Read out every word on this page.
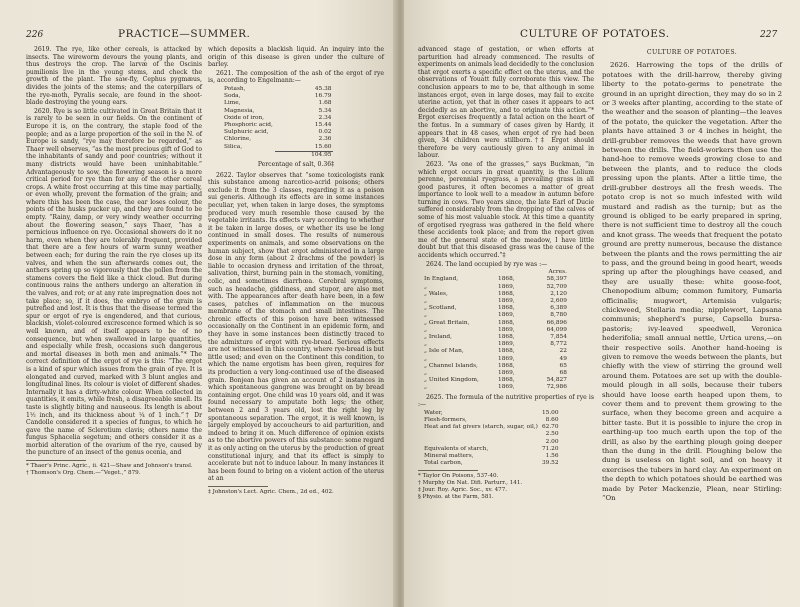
226	PRACTICE—SUMMER.

2619. The rye, like other cereals, is attacked by insects. The wireworm devours the young plants, and thus destroys the crop. The larvæ of the Oscinis pumilionis live in the young stems, and check the growth of the plant. The saw-fly, Cephus pygmæus, divides the joints of the stems; and the caterpillars of the rye-moth, Pyralis secale, are found in the shoot-blade destroying the young ears.

2620. Rye is so little cultivated in Great Britain that it is rarely to be seen in our fields. On the continent of Europe it is, on the contrary, the staple food of the people; and as a large proportion of the soil in the N. of Europe is sandy, “rye may therefore be regarded,” as Thaer well observes, “as the most precious gift of God to the inhabitants of sandy and poor countries; without it many districts would have been uninhabitable.” Advantageously to sow, the flowering season is a more critical period for rye than for any of the other cereal crops. A white frost occurring at this time may partially, or even wholly, prevent the formation of the grain; and where this has been the case, the ear loses colour, the points of the husks pucker up, and they are found to be empty. “Rainy, damp, or very windy weather occurring about the flowering season,” says Thaer, “has a pernicious influence on rye. Occasional showers do it no harm, even when they are tolerably frequent, provided that there are a few hours of warm sunny weather between each; for during the rain the rye closes up its valves, and when the sun afterwards comes out, the anthers spring up so vigorously that the pollen from the stamens covers the field like a thick cloud. But during continuous rains the anthers undergo an alteration in the valves, and rot; or at any rate impregnation does not take place; so, if it does, the embryo of the grain is putrefied and lost. It is thus that the disease termed the spur or ergot of rye is engendered, and that curious, blackish, violet-coloured excrescence formed which is so well known, and of itself appears to be of no consequence, but when swallowed in large quantities, and especially while fresh, occasions such dangerous and mortal diseases in both men and animals.”* The correct definition of the ergot of rye is this: “The ergot is a kind of spur which issues from the grain of rye. It is elongated and curved, marked with 3 blunt angles and longitudinal lines. Its colour is violet of different shades. Internally it has a dirty-white colour. When collected in quantities, it emits, while fresh, a disagreeable smell. Its taste is slightly biting and nauseous. Its length is about 1½ inch, and its thickness about ¼ of 1 inch.”† Dr Candolle considered it a species of fungus, to which he gave the name of Sclerotium clavis; others name the fungus Sphacelia segetum; and others consider it as a morbid alteration of the ovarium of the rye, caused by the puncture of an insect of the genus ocenia, and

* Thaer's Princ. Agric., ii. 421—Shaw and Johnson's transl.
† Thomson's Org. Chem.—“Veget.,” 879.

which deposits a blackish liquid. An inquiry into the origin of this disease is given under the culture of barley.

2621. The composition of the ash of the ergot of rye is, according to Engelmann:—

Potash,	45.38
Soda,	16.79
Lime,	1.68
Magnesia,	5.34
Oxide of iron,	2.34
Phosphoric acid,	15.44
Sulphuric acid,	0.02
Chlorine,	2.36
Silica,	15.60
	104.95
Percentage of salt, 0.36‡

2622. Taylor observes that “some toxicologists rank this substance among narcotico-acrid poisons; others exclude it from the 3 classes, regarding it as a poison sui generis. Although its effects are in some instances peculiar, yet, when taken in large doses, the symptoms produced very much resemble those caused by the vegetable irritants. Its effects vary according to whether it be taken in large doses, or whether its use be long continued in small doses. The results of numerous experiments on animals, and some observations on the human subject, show that ergot administered in a large dose in any form (about 2 drachms of the powder) is liable to occasion dryness and irritation of the throat, salivation, thirst, burning pain in the stomach, vomiting, colic, and sometimes diarrhœa. Cerebral symptoms, such as headache, giddiness, and stupor, are also met with. The appearances after death have been, in a few cases, patches of inflammation on the mucous membrane of the stomach and small intestines. The chronic effects of this poison have been witnessed occasionally on the Continent in an epidemic form, and they have in some instances been distinctly traced to the admixture of ergot with rye-bread. Serious effects are not witnessed in this country, where rye-bread is but little used; and even on the Continent this condition, to which the name ergotism has been given, requires for its production a very long-continued use of the diseased grain. Bonjean has given an account of 2 instances in which spontaneous gangrene was brought on by bread containing ergot. One child was 10 years old, and it was found necessary to amputate both legs; the other, between 2 and 3 years old, lost the right leg by spontaneous separation. The ergot, it is well known, is largely employed by accoucheurs to aid parturition, and indeed to bring it on. Much difference of opinion exists as to the abortive powers of this substance: some regard it as only acting on the uterus by the production of great constitutional injury, and that its effect is simply to accelerate but not to induce labour. In many instances it has been found to bring on a violent action of the uterus at an

‡ Johnston's Lect. Agric. Chem., 2d ed., 402.
CULTURE OF POTATOES.	227

advanced stage of gestation, or when efforts at parturition had already commenced. The results of experiments on animals lead decidedly to the conclusion that ergot exerts a specific effect on the uterus, and the observations of Youatt fully corroborate this view. The conclusion appears to me to be, that although in some instances ergot, even in large doses, may fail to excite uterine action, yet that in other cases it appears to act decidedly as an abortive, and to originate this action.”* Ergot exercises frequently a fatal action on the heart of the fœtus. In a summary of cases given by Hardy, it appears that in 48 cases, when ergot of rye had been given, 34 children were stillborn.†‡ Ergot should therefore be very cautiously given to any animal in labour.

2623. “As one of the grasses,” says Buckman, “in which ergot occurs in great quantity, is the Lolium perenne, perennial ryegrass, a prevailing grass in all good pastures, it often becomes a matter of great importance to look well to a meadow in autumn before turning in cows. Two years since, the late Earl of Ducie suffered considerably from the dropping of the calves of some of his most valuable stock. At this time a quantity of ergotised ryegrass was gathered in the field where these accidents took place; and from the report given me of the general state of the meadow, I have little doubt but that this diseased grass was the cause of the accidents which occurred.”‡

2624. The land occupied by rye was :—

		Acres.
In England,	1868,	58,397
„	1869,	52,709
„ Wales,	1868,	2,120
„	1869,	2,609
„ Scotland,	1868,	6,389
„	1869,	8,780
„ Great Britain,	1868,	66,896
„	1869,	64,099
„ Ireland,	1868,	7,854
„	1869,	8,772
„ Isle of Man,	1868,	22
„	1869,	49
„ Channel Islands,	1868,	65
„	1869,	68
„ United Kingdom,	1868,	54,827
„	1869,	72,986

2625. The formula of the nutritive properties of rye is :—

Water,	15.00
Flesh-formers,	8.60
Heat and fat givers (starch, sugar, oil,)	62.70
	2.50
	2.00
Equivalents of starch,	71.20
Mineral matters,	1.56
Total carbon,	39.52
* Taylor On Poisons, 537-40.
† Murphy On Nat. Difi. Parturr., 141.
‡ Jour. Roy. Agric. Soc., xv. 477.
§ Physio. at the Farm, 581.
CULTURE OF POTATOES.

2626. Harrowing the tops of the drills of potatoes with the drill-harrow, thereby giving liberty to the potato-germs to penetrate the ground in an upright direction, they may do so in 2 or 3 weeks after planting, according to the state of the weather and the season of planting—the leaves of the potato, the quicker the vegetation. After the plants have attained 3 or 4 inches in height, the drill-grubber removes the weeds that have grown between the drills. The field-workers then use the hand-hoe to remove weeds growing close to and between the plants, and to reduce the clods pressing upon the plants. After a little time, the drill-grubber destroys all the fresh weeds. The potato crop is not so much infested with wild mustard and radish as the turnip; but as the ground is obliged to be early prepared in spring, there is not sufficient time to destroy all the couch and knot grass. The weeds that frequent the potato ground are pretty numerous, because the distance between the plants and the rows permitting the air to pass, and the ground being in good heart, weeds spring up after the ploughings have ceased, and they are usually these: white goose-foot, Chenopodium album; common fumitory, Fumaria officinalis; mugwort, Artemisia vulgaris; chickweed, Stellaria media; nipplewort, Lapsana communis; shepherd's purse, Capsella bursa-pastoris; ivy-leaved speedwell, Veronica hederifolia; small annual nettle, Urtica urens,—on their respective soils. Another hand-hoeing is given to remove the weeds between the plants, but chiefly with the view of stirring the ground well around them. Potatoes are set up with the double-mould plough in all soils, because their tubers should have loose earth heaped upon them, to cover them and to prevent them growing to the surface, when they become green and acquire a bitter taste. But it is possible to injure the crop in earthing-up too much earth upon the top of the drill, as also by the earthing plough going deeper than the dung in the drill. Ploughing below the dung is useless on light soil, and on heavy it exercises the tubers in hard clay. An experiment on the depth to which potatoes should be earthed was made by Peter Mackenzie, Plean, near Stirling: “On
